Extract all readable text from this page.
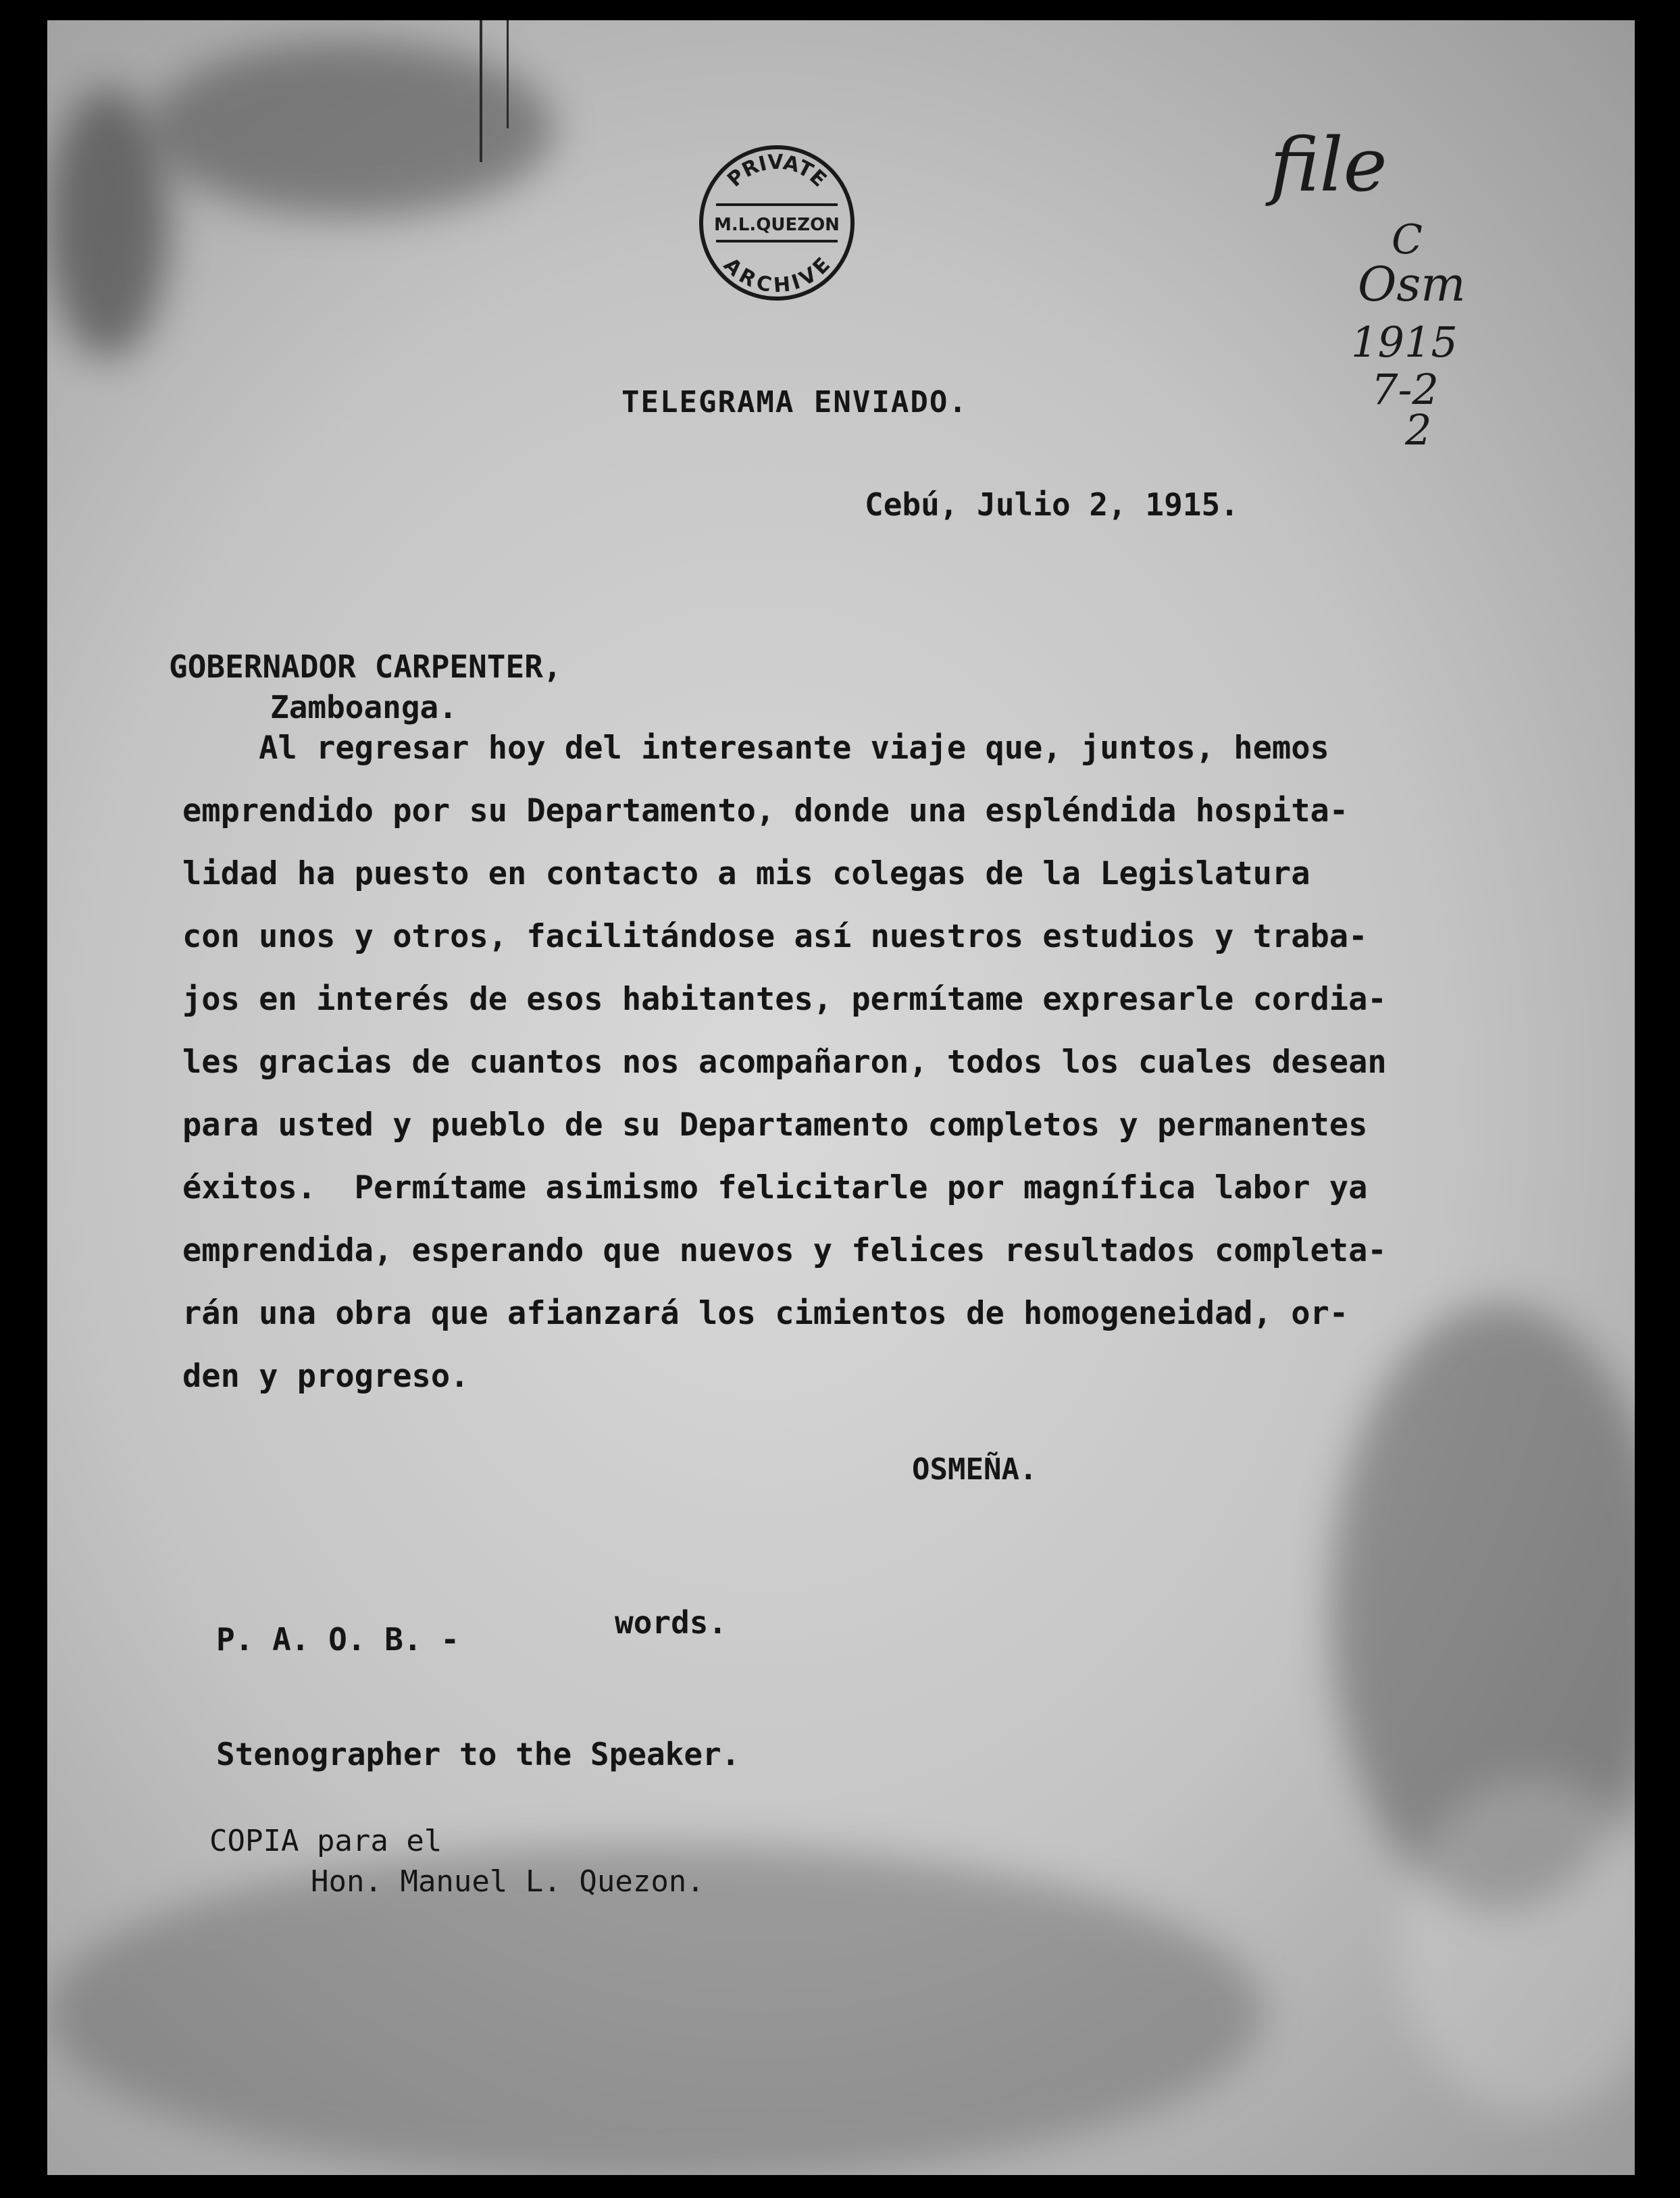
PRIVATE
M.L.QUEZON
ARCHIVE
file
C
Osm
1915
7-2
2
TELEGRAMA ENVIADO.
Cebú, Julio 2, 1915.
GOBERNADOR CARPENTER,
Zamboanga.
Al regresar hoy del interesante viaje que, juntos, hemos
emprendido por su Departamento, donde una espléndida hospita-
lidad ha puesto en contacto a mis colegas de la Legislatura
con unos y otros, facilitándose así nuestros estudios y traba-
jos en interés de esos habitantes, permítame expresarle cordia-
les gracias de cuantos nos acompañaron, todos los cuales desean
para usted y pueblo de su Departamento completos y permanentes
éxitos.  Permítame asimismo felicitarle por magnífica labor ya
emprendida, esperando que nuevos y felices resultados completa-
rán una obra que afianzará los cimientos de homogeneidad, or-
den y progreso.
OSMEÑA.
P. A. O. B. -	words.
Stenographer to the Speaker.
COPIA para el
Hon. Manuel L. Quezon.
